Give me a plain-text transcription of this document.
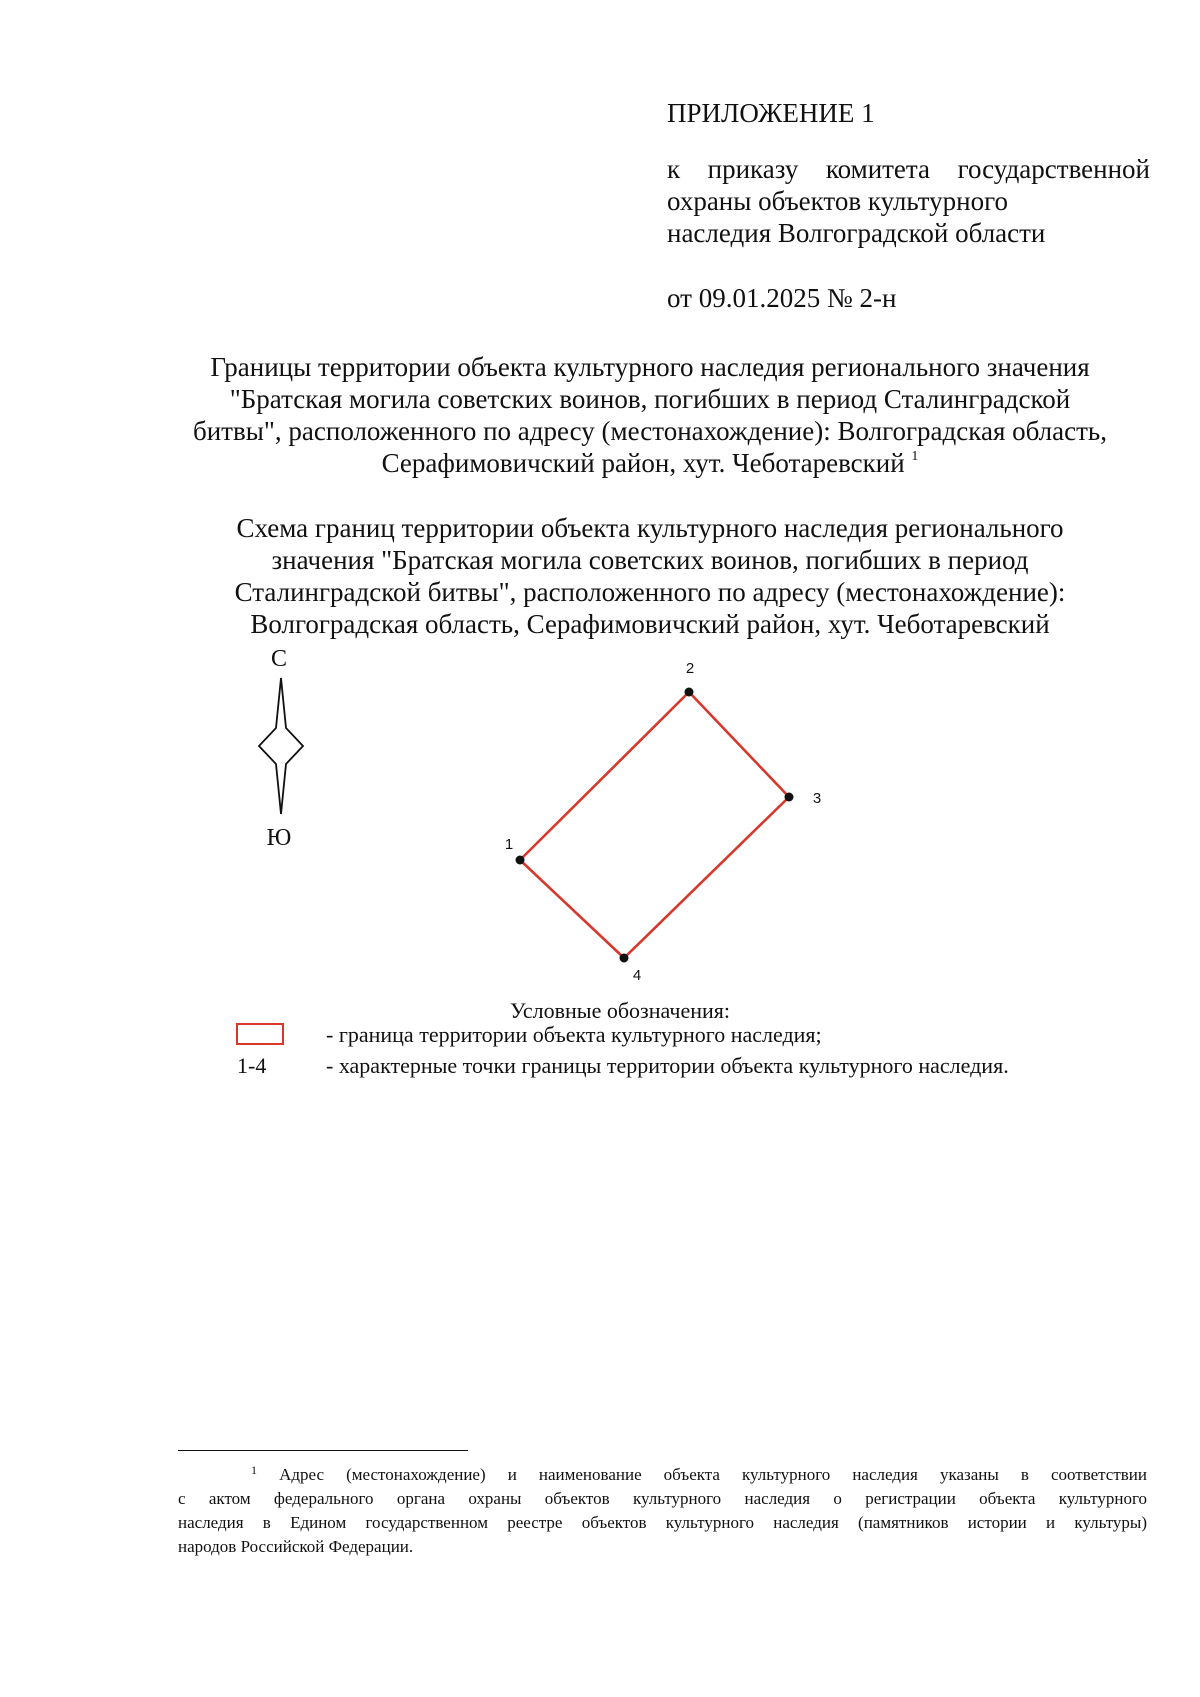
ПРИЛОЖЕНИЕ 1
к приказу комитета государственной
охраны объектов культурного
наследия Волгоградской области
от 09.01.2025 № 2-н
Границы территории объекта культурного наследия регионального значения
"Братская могила советских воинов, погибших в период Сталинградской
битвы", расположенного по адресу (местонахождение): Волгоградская область,
Серафимовичский район, хут. Чеботаревский $^1$
Схема границ территории объекта культурного наследия регионального
значения "Братская могила советских воинов, погибших в период
Сталинградской битвы", расположенного по адресу (местонахождение):
Волгоградская область, Серафимовичский район, хут. Чеботаревский
С
Ю	1
2
3
4
Условные обозначения:
- граница территории объекта культурного наследия;
1-4	- характерные точки границы территории объекта культурного наследия.
$^1$ Адрес (местонахождение) и наименование объекта культурного наследия указаны в соответствии
с актом федерального органа охраны объектов культурного наследия о регистрации объекта культурного
наследия в Едином государственном реестре объектов культурного наследия (памятников истории и культуры)
народов Российской Федерации.
